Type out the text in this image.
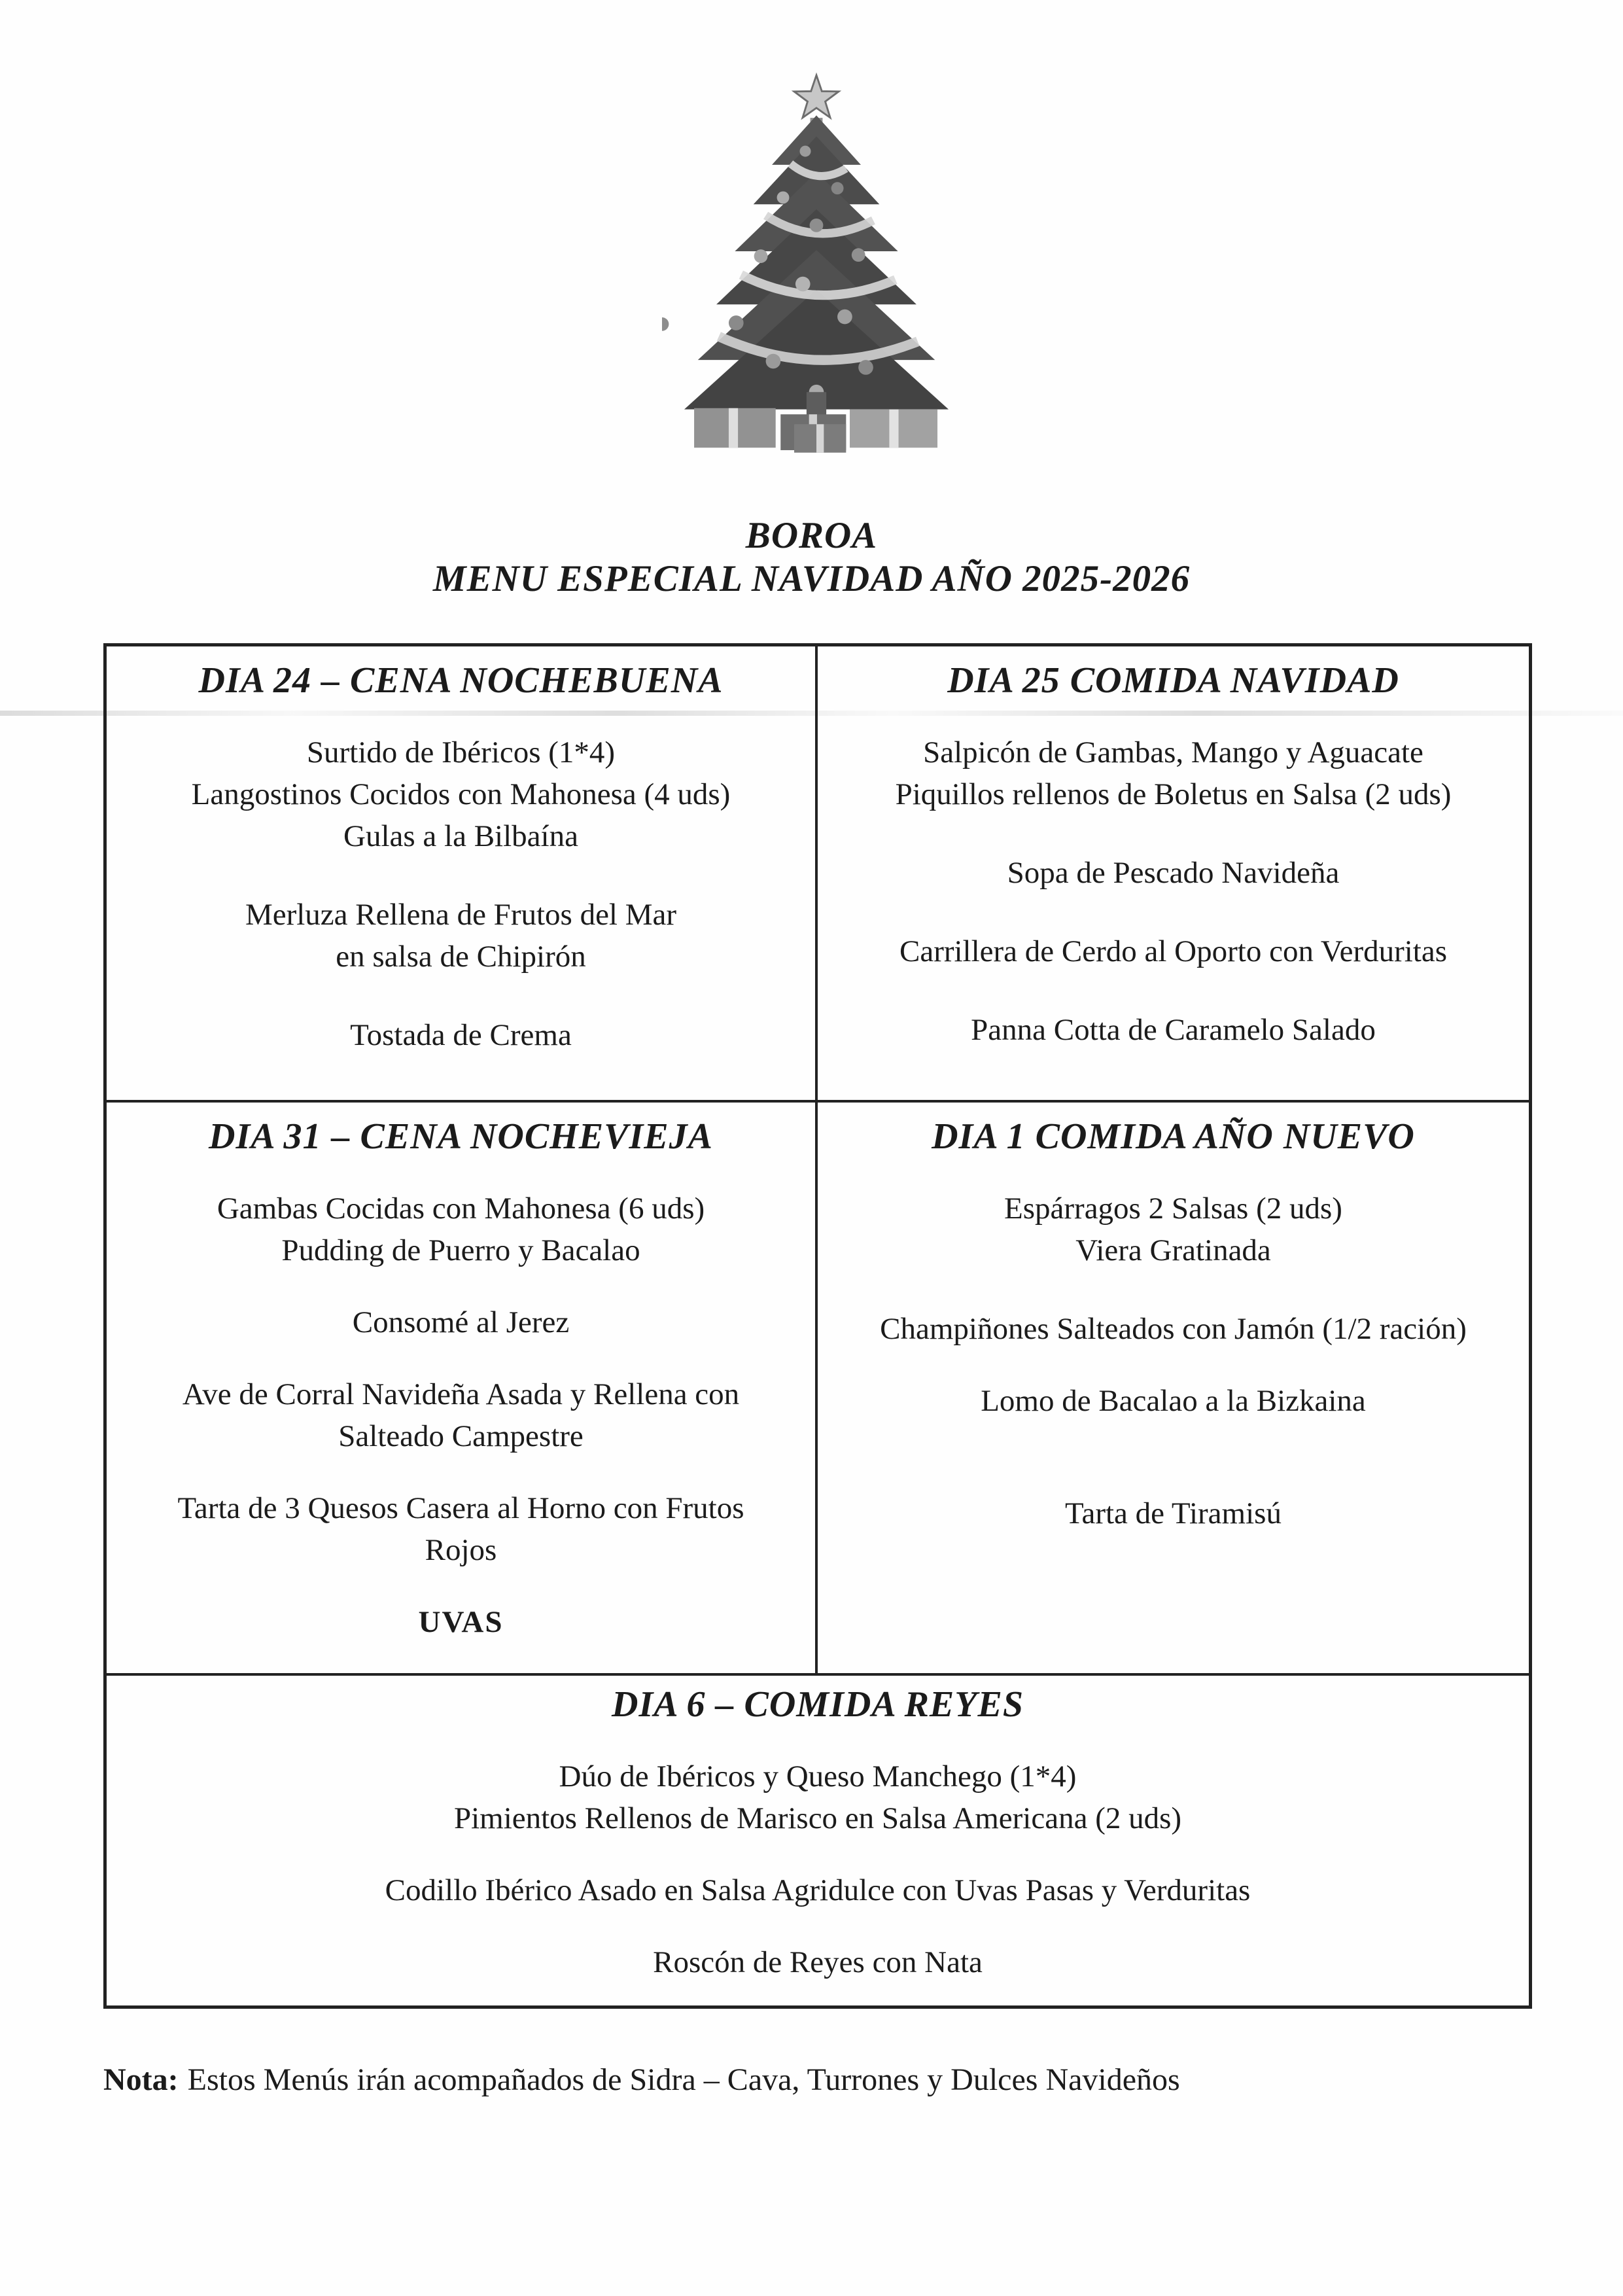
BOROA
MENU ESPECIAL NAVIDAD AÑO 2025-2026
DIA 24 – CENA NOCHEBUENA
Surtido de Ibéricos (1*4)
Langostinos Cocidos con Mahonesa (4 uds)
Gulas a la Bilbaína
Merluza Rellena de Frutos del Mar
en salsa de Chipirón
Tostada de Crema
DIA 25 COMIDA NAVIDAD
Salpicón de Gambas, Mango y Aguacate
Piquillos rellenos de Boletus en Salsa (2 uds)
Sopa de Pescado Navideña
Carrillera de Cerdo al Oporto con Verduritas
Panna Cotta de Caramelo Salado
DIA 31 – CENA NOCHEVIEJA
Gambas Cocidas con Mahonesa (6 uds)
Pudding de Puerro y Bacalao
Consomé al Jerez
Ave de Corral Navideña Asada y Rellena con
Salteado Campestre
Tarta de 3 Quesos Casera al Horno con Frutos
Rojos
UVAS
DIA 1 COMIDA AÑO NUEVO
Espárragos 2 Salsas (2 uds)
Viera Gratinada
Champiñones Salteados con Jamón (1/2 ración)
Lomo de Bacalao a la Bizkaina
Tarta de Tiramisú
DIA 6 – COMIDA REYES
Dúo de Ibéricos y Queso Manchego (1*4)
Pimientos Rellenos de Marisco en Salsa Americana (2 uds)
Codillo Ibérico Asado en Salsa Agridulce con Uvas Pasas y Verduritas
Roscón de Reyes con Nata
Nota: Estos Menús irán acompañados de Sidra – Cava, Turrones y Dulces Navideños
